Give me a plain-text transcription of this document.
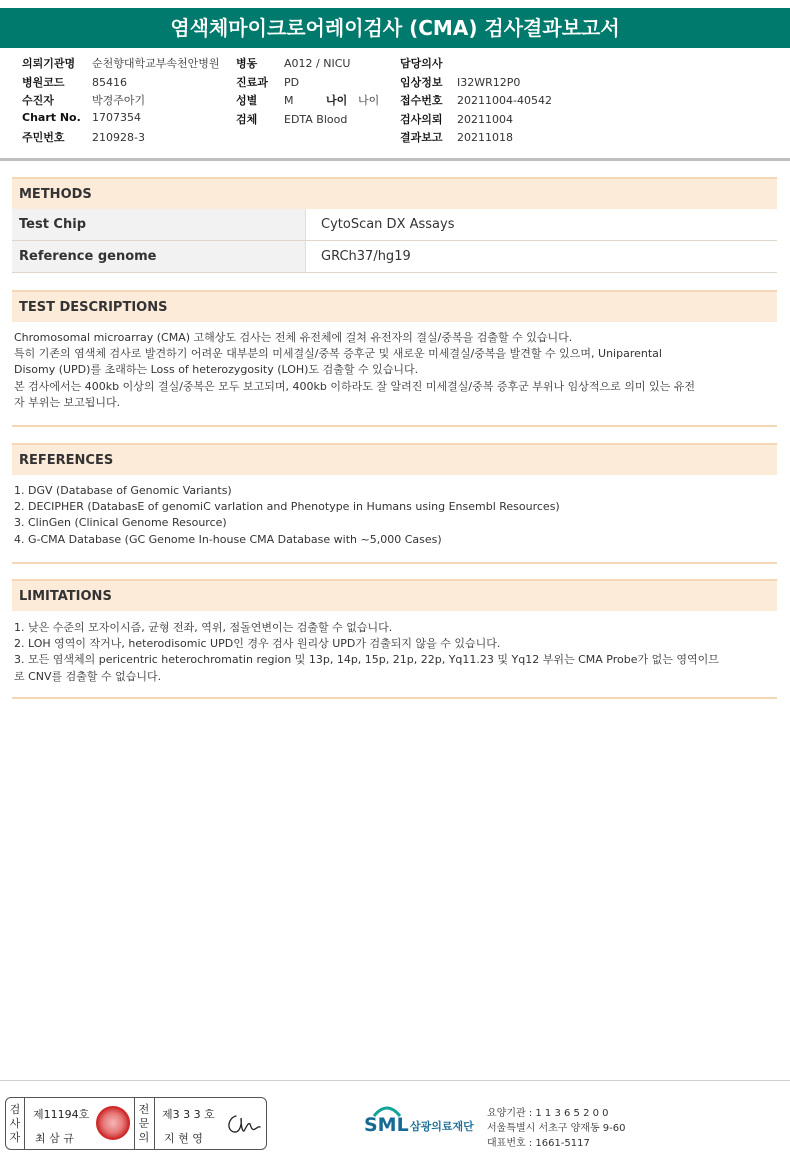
염색체마이크로어레이검사 (CMA) 검사결과보고서
의뢰기관명 순천향대학교부속천안병원
병원코드 85416
수진자	박경주아기
Chart No. 1707354
주민번호 210928-3
병동 A012 / NICU
진료과 PD
성별 M	나이 나이
검체 EDTA Blood
담당의사
임상정보 I32WR12P0
접수번호 20211004-40542
검사의뢰 20211004
결과보고 20211018
METHODS
Test Chip	CytoScan DX Assays
Reference genome	GRCh37/hg19
TEST DESCRIPTIONS
Chromosomal microarray (CMA) 고해상도 검사는 전체 유전체에 걸쳐 유전자의 결실/중복을 검출할 수 있습니다.
특히 기존의 염색체 검사로 발견하기 어려운 대부분의 미세결실/중복 증후군 및 새로운 미세결실/중복을 발견할 수 있으며, Uniparental
Disomy (UPD)를 초래하는 Loss of heterozygosity (LOH)도 검출할 수 있습니다.
본 검사에서는 400kb 이상의 결실/중복은 모두 보고되며, 400kb 이하라도 잘 알려진 미세결실/중복 증후군 부위나 임상적으로 의미 있는 유전
자 부위는 보고됩니다.
REFERENCES
1. DGV (Database of Genomic Variants)
2. DECIPHER (DatabasE of genomiC varIation and Phenotype in Humans using Ensembl Resources)
3. ClinGen (Clinical Genome Resource)
4. G-CMA Database (GC Genome In-house CMA Database with ~5,000 Cases)
LIMITATIONS
1. 낮은 수준의 모자이시즘, 균형 전좌, 역위, 점돌연변이는 검출할 수 없습니다.
2. LOH 영역이 작거나, heterodisomic UPD인 경우 검사 원리상 UPD가 검출되지 않을 수 있습니다.
3. 모든 염색체의 pericentric heterochromatin region 및 13p, 14p, 15p, 21p, 22p, Yq11.23 및 Yq12 부위는 CMA Probe가 없는 영역이므
로 CNV를 검출할 수 없습니다.
검사자
제11194호
최 삼 규
전문의
제3 3 3 호
지 현 영
SML 삼광의료재단
요양기관 : 1 1 3 6 5 2 0 0
서울특별시 서초구 양재동 9-60
대표번호 : 1661-5117
